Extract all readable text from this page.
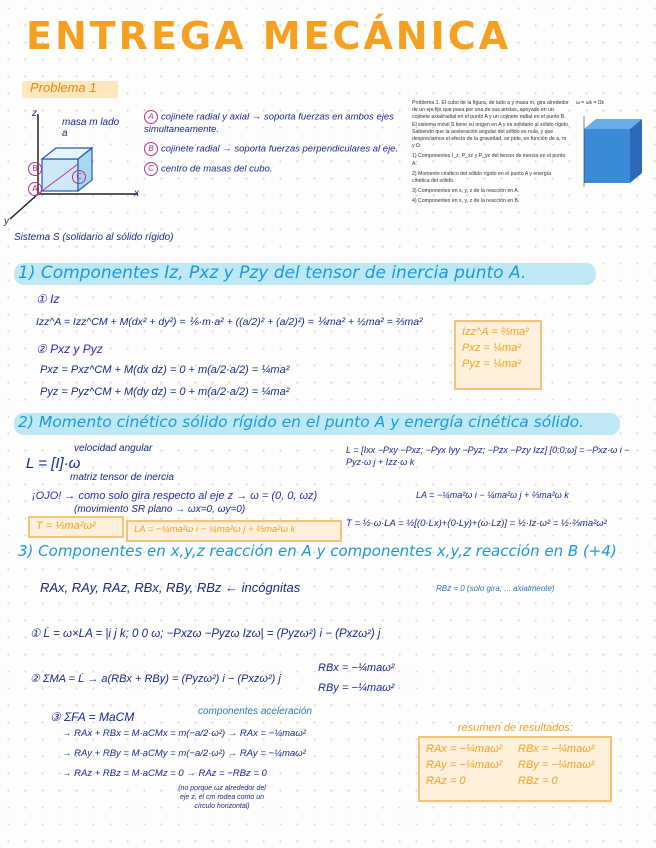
ENTREGA MECÁNICA
Problema 1
masa m lado a
x
y
z
A
B
C
Sistema S (solidario al sólido rígido)
A cojinete radial y axial → soporta fuerzas en ambos ejes simultaneamente.
B cojinete radial → soporta fuerzas perpendiculares al eje.
C centro de masas del cubo.

Problema 1. El cubo de la figura, de lado a y masa m, gira alrededor de un eje fijo que pasa por una de sus aristas, apoyado en un cojinete axial/radial en el punto A y un cojinete radial en el punto B. El sistema móvil S tiene su origen en A y es solidario al sólido rígido. Sabiendo que la aceleración angular del sólido es nula, y que despreciamos el efecto de la gravedad, se pide, en función de a, m y Ω:

1) Componentes I_z, P_xz y P_yz del tensor de inercia en el punto A.

2) Momento cinético del sólido rígido en el punto A y energía cinética del sólido.

3) Componentes en x, y, z de la reacción en A.

4) Componentes en x, y, z de la reacción en B.

ω = ωk = Ωk
1) Componentes Iz, Pxz y Pzy del tensor de inercia punto A.
① Iz
Izz^A = Izz^CM + M(dx² + dy²) = ⅙·m·a² + ((a/2)² + (a/2)²) = ⅙ma² + ½ma² = ⅔ma²
② Pxz y Pyz
Pxz = Pxz^CM + M(dx dz) = 0 + m(a/2·a/2) = ¼ma²
Pyz = Pyz^CM + M(dy dz) = 0 + m(a/2·a/2) = ¼ma²
Izz^A = ⅔ma²
Pxz = ¼ma²
Pyz = ¼ma²
2) Momento cinético sólido rígido en el punto A y energía cinética sólido.
velocidad angular
L = [I]·ω
matriz tensor de inercia
L = [Ixx −Pxy −Pxz; −Pyx Iyy −Pyz; −Pzx −Pzy Izz] [0;0;ω] = −Pxz·ω i − Pyz·ω j + Izz·ω k
¡OJO! → como solo gira respecto al eje z → ω = (0, 0, ωz)
(movimiento SR plano → ωx=0, ωy=0)
LA = −¼ma²ω i − ¼ma²ω j + ⅔ma²ω k
T = ⅓ma²ω²	LA = −¼ma²ω i − ¼ma²ω j + ⅔ma²ω k
T = ½·ω·LA = ½[(0·Lx)+(0·Ly)+(ω·Lz)] = ½·Iz·ω² = ½·⅔ma²ω²
3) Componentes en x,y,z reacción en A y componentes x,y,z reacción en B (+4)
RAx, RAy, RAz, RBx, RBy, RBz ← incógnitas	RBz = 0 (solo gira, ... axialmente)
① L̇ = ω×LA = |i j k; 0 0 ω; −Pxzω −Pyzω Izω| = (Pyzω²) i − (Pxzω²) j
② ΣMA = L̇ → a(RBx + RBy) = (Pyzω²) i − (Pxzω²) j
RBx = −¼maω²
RBy = −¼maω²
③ ΣFA = MaCM	componentes aceleración
→ RAx + RBx = M·aCMx = m(−a/2·ω²) → RAx = −¼maω²
→ RAy + RBy = M·aCMy = m(−a/2·ω²) → RAy = −¼maω²
→ RAz + RBz = M·aCMz = 0 → RAz = −RBz = 0
(no porque ωz alrededor del eje z, el cm rodea como un círculo horizontal)
resumen de resultados:
RAx = −¼maω²	RBx = −¼maω²
RAy = −¼maω²	RBy = −¼maω²
RAz = 0	RBz = 0
